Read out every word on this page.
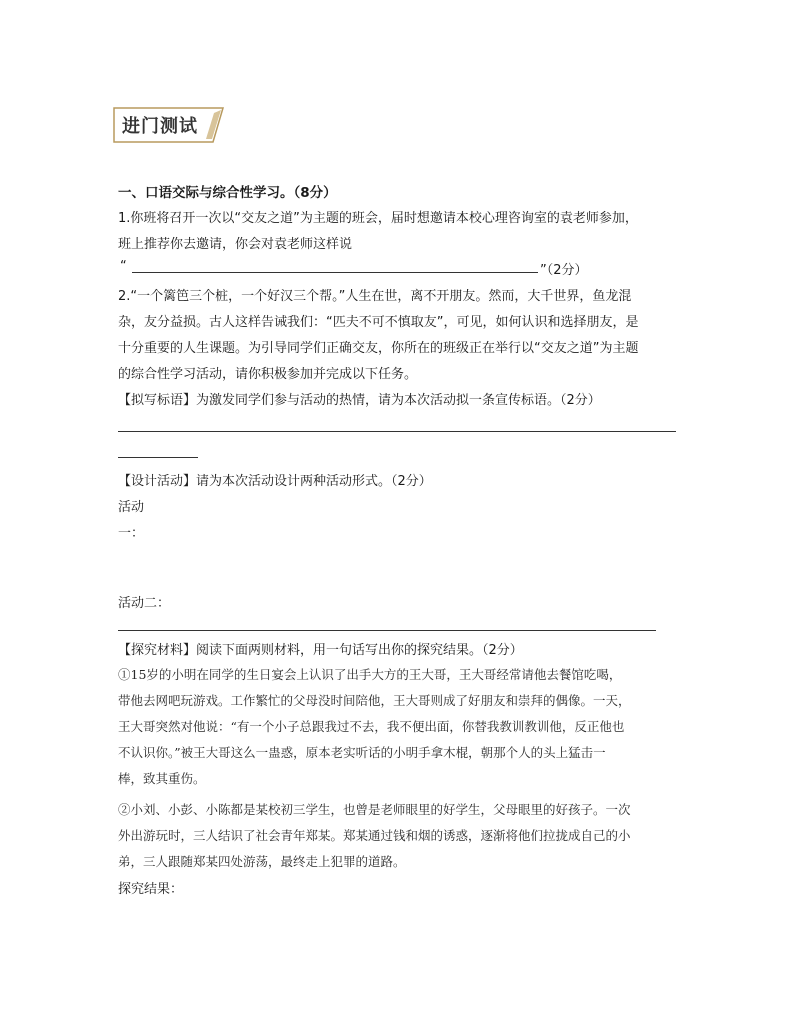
进门测试
一、口语交际与综合性学习。（8分）
1.你班将召开一次以“交友之道”为主题的班会，届时想邀请本校心理咨询室的袁老师参加，
班上推荐你去邀请，你会对袁老师这样说
“	”（2分）
2.“一个篱笆三个桩，一个好汉三个帮。”人生在世，离不开朋友。然而，大千世界，鱼龙混
杂，友分益损。古人这样告诫我们：“匹夫不可不慎取友”，可见，如何认识和选择朋友，是
十分重要的人生课题。为引导同学们正确交友，你所在的班级正在举行以“交友之道”为主题
的综合性学习活动，请你积极参加并完成以下任务。
【拟写标语】为激发同学们参与活动的热情，请为本次活动拟一条宣传标语。（2分）
【设计活动】请为本次活动设计两种活动形式。（2分）
活动
一：
活动二：
【探究材料】阅读下面两则材料，用一句话写出你的探究结果。（2分）
①15岁的小明在同学的生日宴会上认识了出手大方的王大哥，王大哥经常请他去餐馆吃喝，
带他去网吧玩游戏。工作繁忙的父母没时间陪他，王大哥则成了好朋友和崇拜的偶像。一天，
王大哥突然对他说：“有一个小子总跟我过不去，我不便出面，你替我教训教训他，反正他也
不认识你。”被王大哥这么一蛊惑，原本老实听话的小明手拿木棍，朝那个人的头上猛击一
棒，致其重伤。
②小刘、小彭、小陈都是某校初三学生，也曾是老师眼里的好学生，父母眼里的好孩子。一次
外出游玩时，三人结识了社会青年郑某。郑某通过钱和烟的诱惑，逐渐将他们拉拢成自己的小
弟，三人跟随郑某四处游荡，最终走上犯罪的道路。
探究结果：
